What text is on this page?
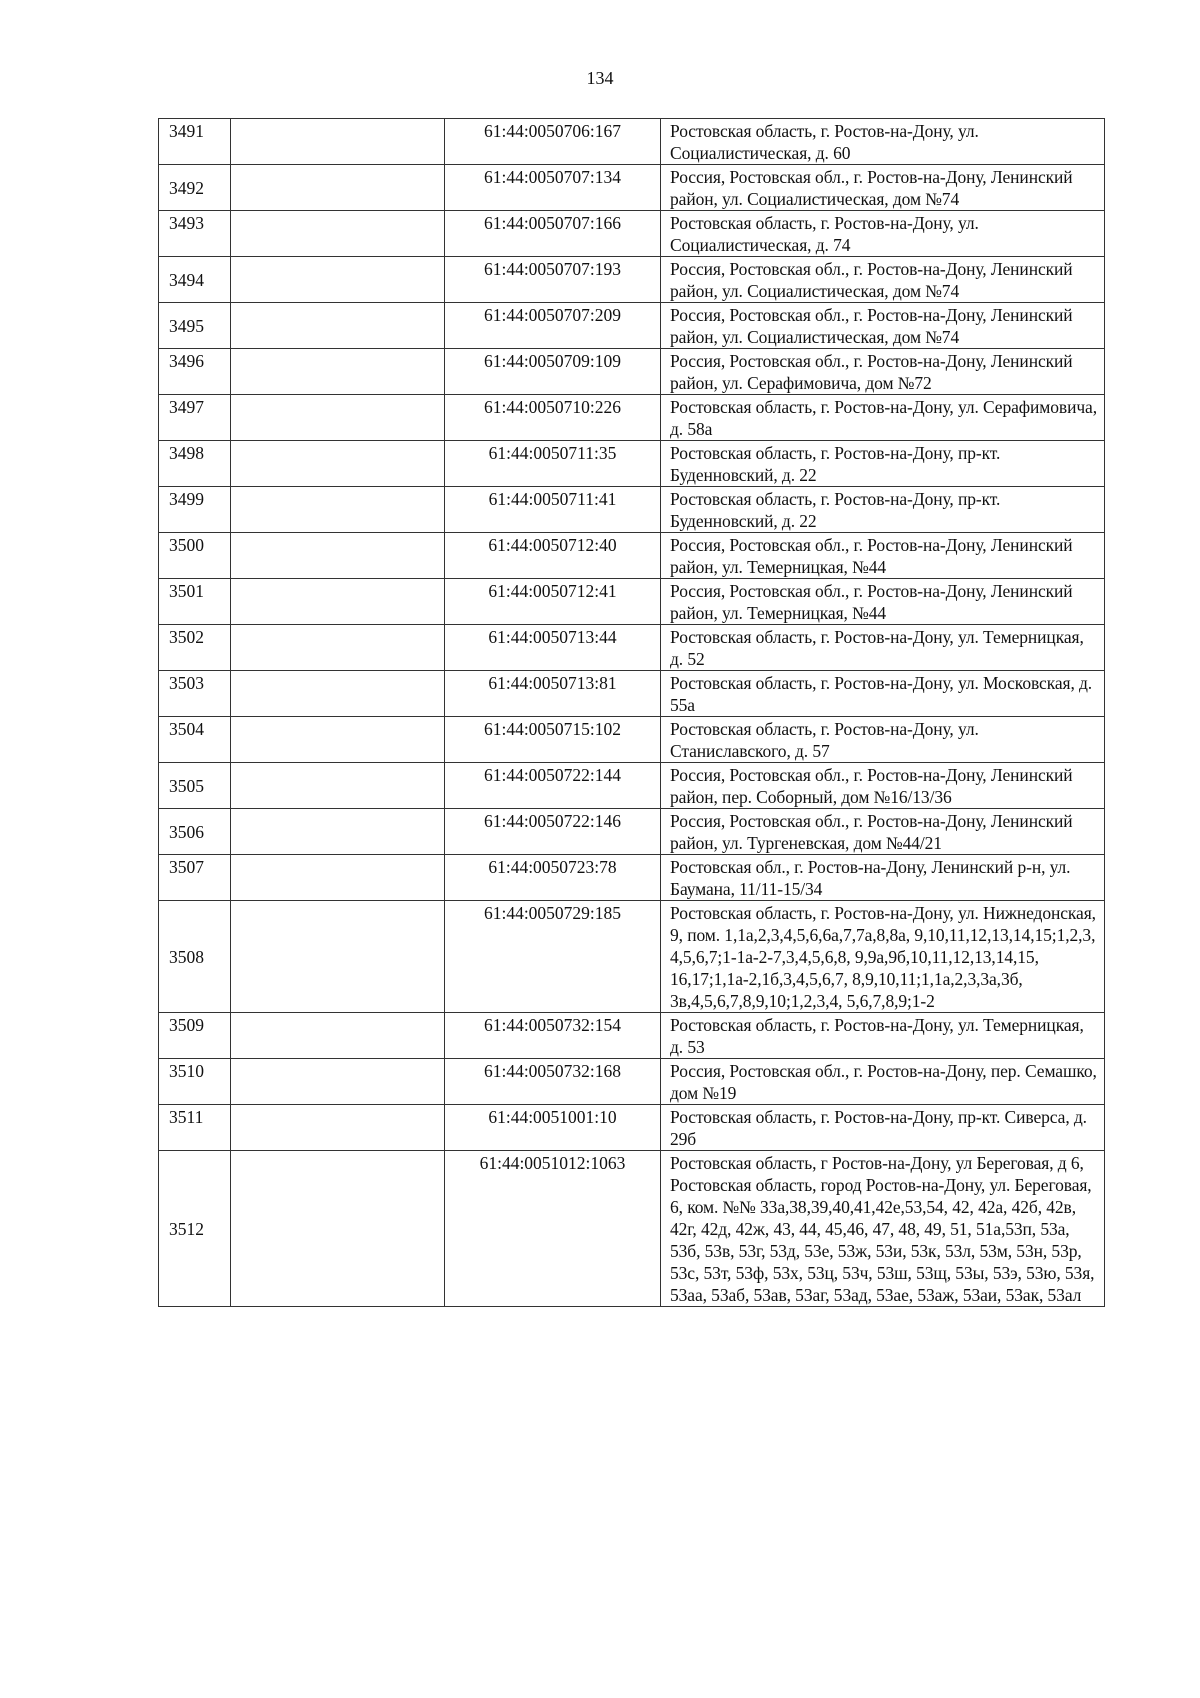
134
3491		61:44:0050706:167	Ростовская область, г. Ростов-на-Дону, ул. Социалистическая, д. 60
3492		61:44:0050707:134	Россия, Ростовская обл., г. Ростов-на-Дону, Ленинский район, ул. Социалистическая, дом №74
3493		61:44:0050707:166	Ростовская область, г. Ростов-на-Дону, ул. Социалистическая, д. 74
3494		61:44:0050707:193	Россия, Ростовская обл., г. Ростов-на-Дону, Ленинский район, ул. Социалистическая, дом №74
3495		61:44:0050707:209	Россия, Ростовская обл., г. Ростов-на-Дону, Ленинский район, ул. Социалистическая, дом №74
3496		61:44:0050709:109	Россия, Ростовская обл., г. Ростов-на-Дону, Ленинский район, ул. Серафимовича, дом №72
3497		61:44:0050710:226	Ростовская область, г. Ростов-на-Дону, ул. Серафимовича, д. 58а
3498		61:44:0050711:35	Ростовская область, г. Ростов-на-Дону, пр-кт. Буденновский, д. 22
3499		61:44:0050711:41	Ростовская область, г. Ростов-на-Дону, пр-кт. Буденновский, д. 22
3500		61:44:0050712:40	Россия, Ростовская обл., г. Ростов-на-Дону, Ленинский район, ул. Темерницкая, №44
3501		61:44:0050712:41	Россия, Ростовская обл., г. Ростов-на-Дону, Ленинский район, ул. Темерницкая, №44
3502		61:44:0050713:44	Ростовская область, г. Ростов-на-Дону, ул. Темерницкая, д. 52
3503		61:44:0050713:81	Ростовская область, г. Ростов-на-Дону, ул. Московская, д. 55а
3504		61:44:0050715:102	Ростовская область, г. Ростов-на-Дону, ул. Станиславского, д. 57
3505		61:44:0050722:144	Россия, Ростовская обл., г. Ростов-на-Дону, Ленинский район, пер. Соборный, дом №16/13/36
3506		61:44:0050722:146	Россия, Ростовская обл., г. Ростов-на-Дону, Ленинский район, ул. Тургеневская, дом №44/21
3507		61:44:0050723:78	Ростовская обл., г. Ростов-на-Дону, Ленинский р-н, ул. Баумана, 11/11-15/34
3508		61:44:0050729:185	Ростовская область, г. Ростов-на-Дону, ул. Нижнедонская, 9, пом. 1,1а,2,3,4,5,6,6а,7,7а,8,8а, 9,10,11,12,13,14,15;1,2,3, 4,5,6,7;1-1а-2-7,3,4,5,6,8, 9,9а,9б,10,11,12,13,14,15, 16,17;1,1а-2,1б,3,4,5,6,7, 8,9,10,11;1,1а,2,3,3а,3б, 3в,4,5,6,7,8,9,10;1,2,3,4, 5,6,7,8,9;1-2
3509		61:44:0050732:154	Ростовская область, г. Ростов-на-Дону, ул. Темерницкая, д. 53
3510		61:44:0050732:168	Россия, Ростовская обл., г. Ростов-на-Дону, пер. Семашко, дом №19
3511		61:44:0051001:10	Ростовская область, г. Ростов-на-Дону, пр-кт. Сиверса, д. 29б
3512		61:44:0051012:1063	Ростовская область, г Ростов-на-Дону, ул Береговая, д 6, Ростовская область, город Ростов-на-Дону, ул. Береговая, 6, ком. №№ 33а,38,39,40,41,42е,53,54, 42, 42а, 42б, 42в, 42г, 42д, 42ж, 43, 44, 45,46, 47, 48, 49, 51, 51а,53п, 53а, 53б, 53в, 53г, 53д, 53е, 53ж, 53и, 53к, 53л, 53м, 53н, 53р, 53с, 53т, 53ф, 53х, 53ц, 53ч, 53ш, 53щ, 53ы, 53э, 53ю, 53я, 53аа, 53аб, 53ав, 53аг, 53ад, 53ае, 53аж, 53аи, 53ак, 53ал
